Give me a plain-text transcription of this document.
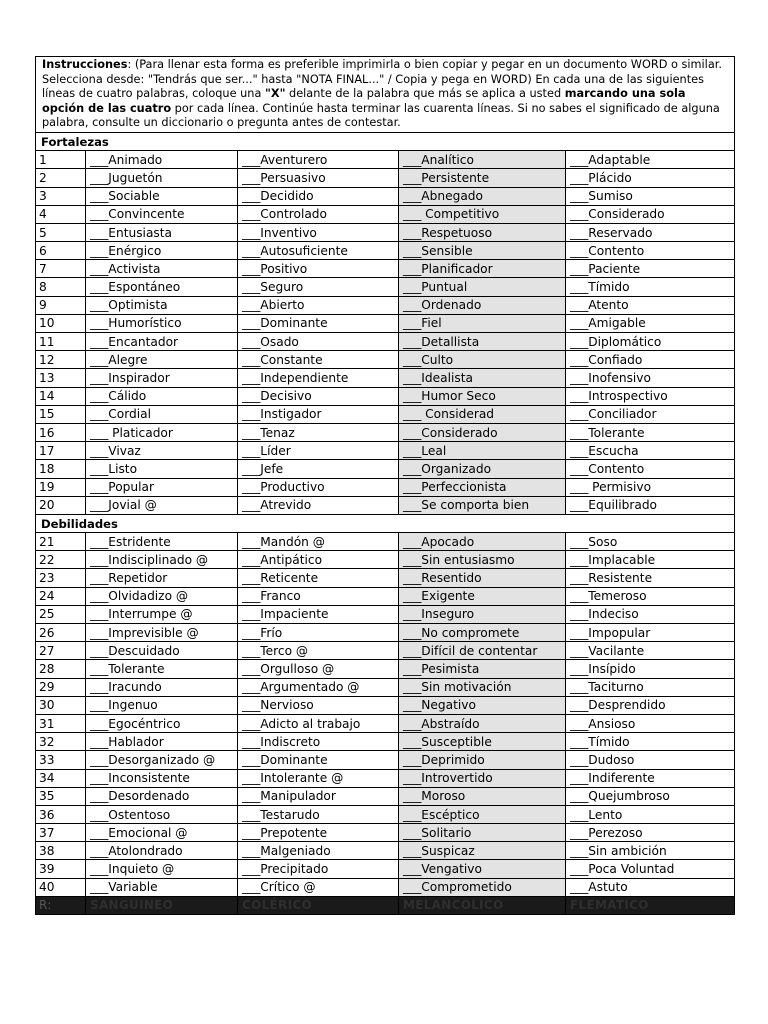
Instrucciones: (Para llenar esta forma es preferible imprimirla o bien copiar y pegar en un documento WORD o similar. Selecciona desde: "Tendrás que ser..." hasta "NOTA FINAL..." / Copia y pega en WORD) En cada una de las siguientes líneas de cuatro palabras, coloque una "X" delante de la palabra que más se aplica a usted marcando una sola opción de las cuatro por cada línea. Continúe hasta terminar las cuarenta líneas. Si no sabes el significado de alguna palabra, consulte un diccionario o pregunta antes de contestar.				
Fortalezas				
1	___Animado	___Aventurero	___Analítico	___Adaptable
2	___Juguetón	___Persuasivo	___Persistente	___Plácido
3	___Sociable	___Decidido	___Abnegado	___Sumiso
4	___Convincente	___Controlado	___ Competitivo	___Considerado
5	___Entusiasta	___Inventivo	___Respetuoso	___Reservado
6	___Enérgico	___Autosuficiente	___Sensible	___Contento
7	___Activista	___Positivo	___Planificador	___Paciente
8	___Espontáneo	___Seguro	___Puntual	___Tímido
9	___Optimista	___Abierto	___Ordenado	___Atento
10	___Humorístico	___Dominante	___Fiel	___Amigable
11	___Encantador	___Osado	___Detallista	___Diplomático
12	___Alegre	___Constante	___Culto	___Confiado
13	___Inspirador	___Independiente	___Idealista	___Inofensivo
14	___Cálido	___Decisivo	___Humor Seco	___Introspectivo
15	___Cordial	___Instigador	___ Considerad	___Conciliador
16	___ Platicador	___Tenaz	___Considerado	___Tolerante
17	___Vivaz	___Líder	___Leal	___Escucha
18	___Listo	___Jefe	___Organizado	___Contento
19	___Popular	___Productivo	___Perfeccionista	___ Permisivo
20	___Jovial @	___Atrevido	___Se comporta bien	___Equilibrado
Debilidades				
21	___Estridente	___Mandón @	___Apocado	___Soso
22	___Indisciplinado @	___Antipático	___Sin entusiasmo	___Implacable
23	___Repetidor	___Reticente	___Resentido	___Resistente
24	___Olvidadizo @	___Franco	___Exigente	___Temeroso
25	___Interrumpe @	___Impaciente	___Inseguro	___Indeciso
26	___Imprevisible @	___Frío	___No compromete	___Impopular
27	___Descuidado	___Terco @	___Difícil de contentar	___Vacilante
28	___Tolerante	___Orgulloso @	___Pesimista	___Insípido
29	___Iracundo	___Argumentado @	___Sin motivación	___Taciturno
30	___Ingenuo	___Nervioso	___Negativo	___Desprendido
31	___Egocéntrico	___Adicto al trabajo	___Abstraído	___Ansioso
32	___Hablador	___Indiscreto	___Susceptible	___Tímido
33	___Desorganizado @	___Dominante	___Deprimido	___Dudoso
34	___Inconsistente	___Intolerante @	___Introvertido	___Indiferente
35	___Desordenado	___Manipulador	___Moroso	___Quejumbroso
36	___Ostentoso	___Testarudo	___Escéptico	___Lento
37	___Emocional @	___Prepotente	___Solitario	___Perezoso
38	___Atolondrado	___Malgeniado	___Suspicaz	___Sin ambición
39	___Inquieto @	___Precipitado	___Vengativo	___Poca Voluntad
40	___Variable	___Crítico @	___Comprometido	___Astuto
R:	SANGUINEO	COLÉRICO	MELANCOLICO	FLEMATICO
